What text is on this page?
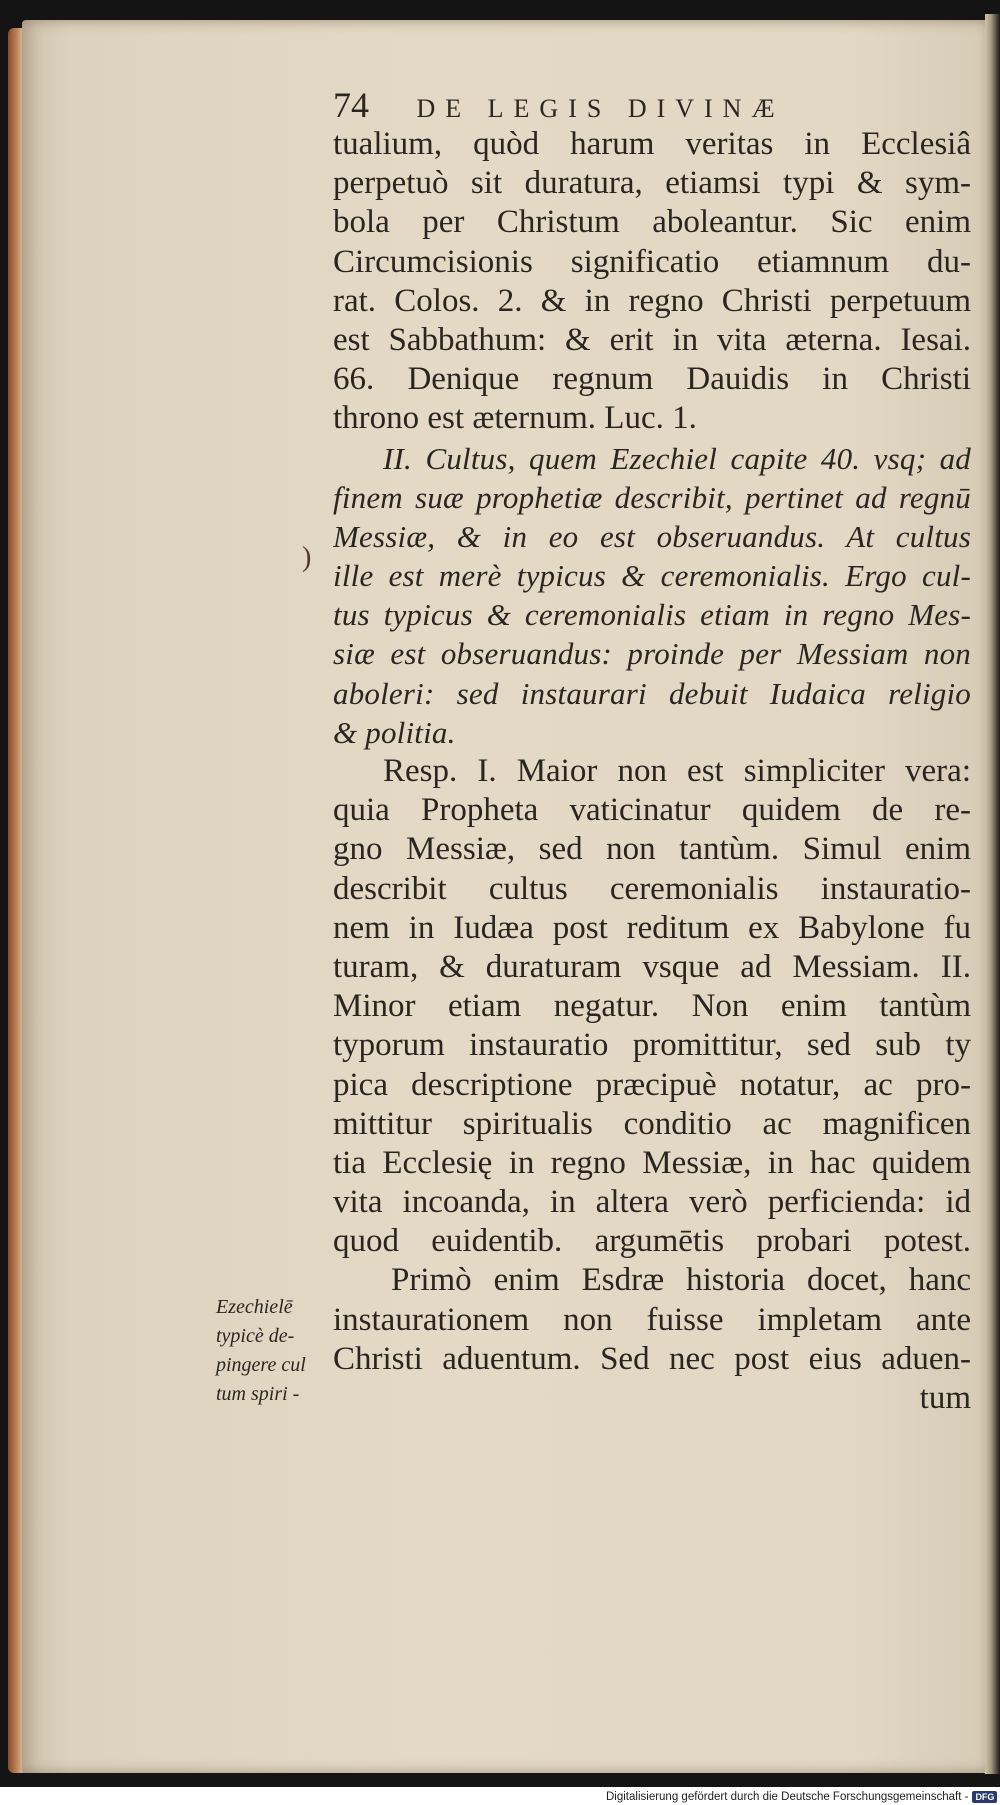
74 DE LEGIS DIVINÆ
tualium, quòd harum veritas in Ecclesiâ
perpetuò sit duratura, etiamsi typi & sym-
bola per Christum aboleantur. Sic enim
Circumcisionis significatio etiamnum du-
rat. Colos. 2. & in regno Christi perpetuum
est Sabbathum: & erit in vita æterna. Iesai.
66. Denique regnum Dauidis in Christi
throno est æternum. Luc. 1.
II. Cultus, quem Ezechiel capite 40. vsq; ad
finem suæ prophetiæ describit, pertinet ad regnū
Messiæ, & in eo est obseruandus. At cultus
ille est merè typicus & ceremonialis. Ergo cul-
tus typicus & ceremonialis etiam in regno Mes-
siæ est obseruandus: proinde per Messiam non
aboleri: sed instaurari debuit Iudaica religio
& politia.
Resp. I. Maior non est simpliciter vera:
quia Propheta vaticinatur quidem de re-
gno Messiæ, sed non tantùm. Simul enim
describit cultus ceremonialis instauratio-
nem in Iudæa post reditum ex Babylone fu
turam, & duraturam vsque ad Messiam. II.
Minor etiam negatur. Non enim tantùm
typorum instauratio promittitur, sed sub ty
pica descriptione præcipuè notatur, ac pro-
mittitur spiritualis conditio ac magnificen
tia Ecclesię in regno Messiæ, in hac quidem
vita incoanda, in altera verò perficienda: id
quod euidentib. argumētis probari potest.
Primò enim Esdræ historia docet, hanc
instaurationem non fuisse impletam ante
Christi aduentum. Sed nec post eius aduen-
tum
)
Ezechielē
typicè de-
pingere cul
tum spiri -
Digitalisierung gefördert durch die Deutsche Forschungsgemeinschaft - DFG
